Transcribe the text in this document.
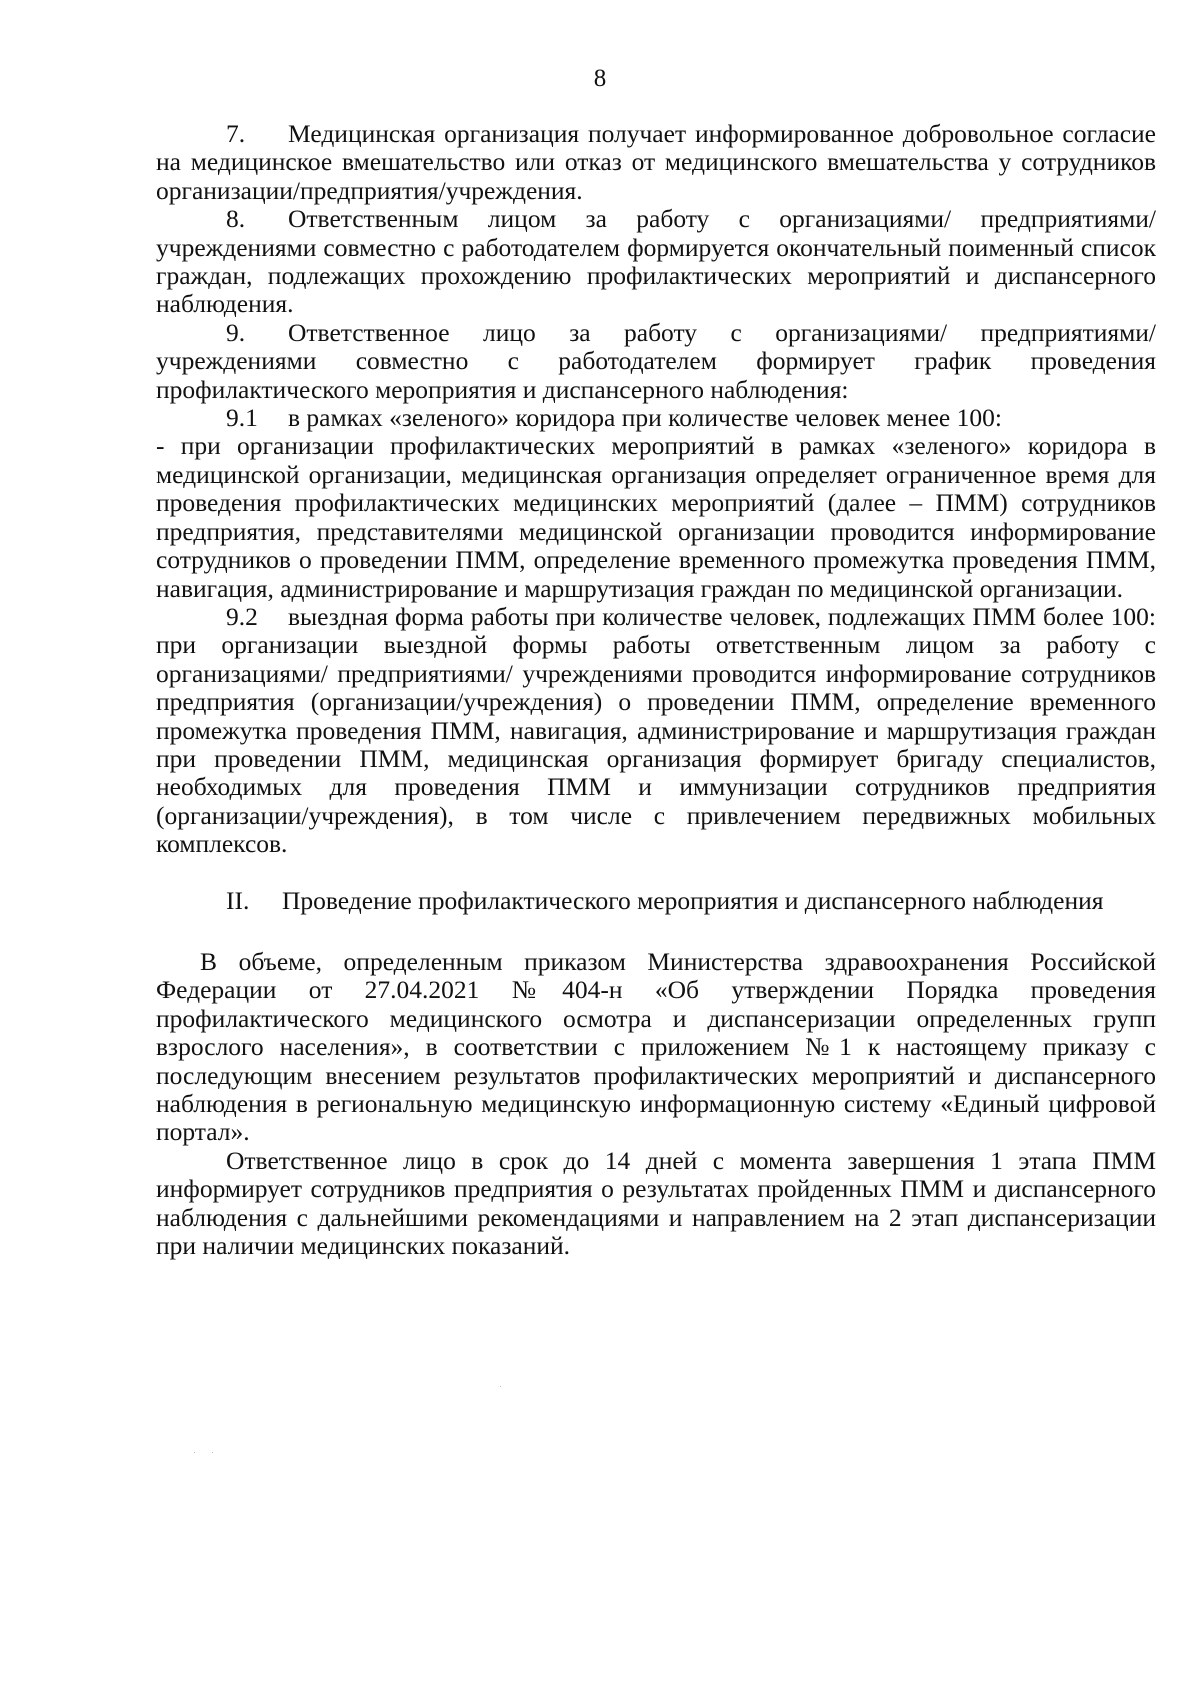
8

7. Медицинская организация получает информированное добровольное согласие на медицинское вмешательство или отказ от медицинского вмешательства у сотрудников организации/предприятия/учреждения.

8. Ответственным лицом за работу с организациями/ предприятиями/ учреждениями совместно с работодателем формируется окончательный поименный список граждан, подлежащих прохождению профилактических мероприятий и диспансерного наблюдения.

9. Ответственное лицо за работу с организациями/ предприятиями/ учреждениями совместно с работодателем формирует график проведения профилактического мероприятия и диспансерного наблюдения:

9.1 в рамках «зеленого» коридора при количестве человек менее 100:

- при организации профилактических мероприятий в рамках «зеленого» коридора в медицинской организации, медицинская организация определяет ограниченное время для проведения профилактических медицинских мероприятий (далее – ПММ) сотрудников предприятия, представителями медицинской организации проводится информирование сотрудников о проведении ПММ, определение временного промежутка проведения ПММ, навигация, администрирование и маршрутизация граждан по медицинской организации.

9.2 выездная форма работы при количестве человек, подлежащих ПММ более 100: при организации выездной формы работы ответственным лицом за работу с организациями/ предприятиями/ учреждениями проводится информирование сотрудников предприятия (организации/учреждения) о проведении ПММ, определение временного промежутка проведения ПММ, навигация, администрирование и маршрутизация граждан при проведении ПММ, медицинская организация формирует бригаду специалистов, необходимых для проведения ПММ и иммунизации сотрудников предприятия (организации/учреждения), в том числе с привлечением передвижных мобильных комплексов.

II. Проведение профилактического мероприятия и диспансерного наблюдения

В объеме, определенным приказом Министерства здравоохранения Российской Федерации от 27.04.2021 №404-н «Об утверждении Порядка проведения профилактического медицинского осмотра и диспансеризации определенных групп взрослого населения», в соответствии с приложением №1 к настоящему приказу с последующим внесением результатов профилактических мероприятий и диспансерного наблюдения в региональную медицинскую информационную систему «Единый цифровой портал».

Ответственное лицо в срок до 14 дней с момента завершения 1 этапа ПММ информирует сотрудников предприятия о результатах пройденных ПММ и диспансерного наблюдения с дальнейшими рекомендациями и направлением на 2 этап диспансеризации при наличии медицинских показаний.
